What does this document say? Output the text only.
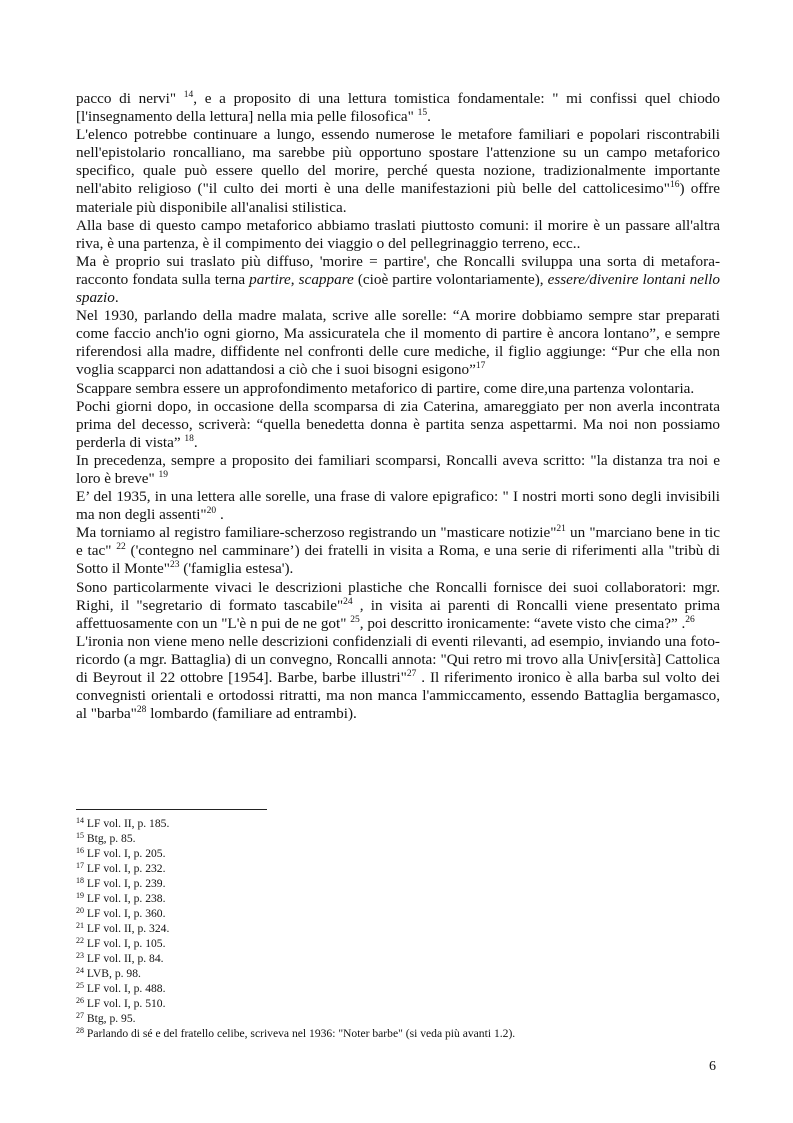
pacco di nervi" $^{14}$, e a proposito di una lettura tomistica fondamentale: " mi confissi quel chiodo [l'insegnamento della lettura] nella mia pelle filosofica" $^{15}$.

L'elenco potrebbe continuare a lungo, essendo numerose le metafore familiari e popolari riscontrabili nell'epistolario roncalliano, ma sarebbe più opportuno spostare l'attenzione su un campo metaforico specifico, quale può essere quello del morire, perché questa nozione, tradizionalmente importante nell'abito religioso ("il culto dei morti è una delle manifestazioni più belle del cattolicesimo"$^{16}$) offre materiale più disponibile all'analisi stilistica.

Alla base di questo campo metaforico abbiamo traslati piuttosto comuni: il morire è un passare all'altra riva, è una partenza, è il compimento dei viaggio o del pellegrinaggio terreno, ecc..

Ma è proprio sui traslato più diffuso, 'morire = partire', che Roncalli sviluppa una sorta di metafora-racconto fondata sulla terna partire, scappare (cioè partire volontariamente), essere/divenire lontani nello spazio.

Nel 1930, parlando della madre malata, scrive alle sorelle: “A morire dobbiamo sempre star preparati come faccio anch'io ogni giorno, Ma assicuratela che il momento di partire è ancora lontano”, e sempre riferendosi alla madre, diffidente nel confronti delle cure mediche, il figlio aggiunge: “Pur che ella non voglia scapparci non adattandosi a ciò che i suoi bisogni esigono”$^{17}$

Scappare sembra essere un approfondimento metaforico di partire, come dire,una partenza volontaria.

Pochi giorni dopo, in occasione della scomparsa di zia Caterina, amareggiato per non averla incontrata prima del decesso, scriverà: “quella benedetta donna è partita senza aspettarmi. Ma noi non possiamo perderla di vista” $^{18}$.

In precedenza, sempre a proposito dei familiari scomparsi, Roncalli aveva scritto: "la distanza tra noi e loro è breve" $^{19}$

E’ del 1935, in una lettera alle sorelle, una frase di valore epigrafico: " I nostri morti sono degli invisibili ma non degli assenti"$^{20}$ .

Ma torniamo al registro familiare-scherzoso registrando un "masticare notizie"$^{21}$ un "marciano bene in tic e tac" $^{22}$ ('contegno nel camminare’) dei fratelli in visita a Roma, e una serie di riferimenti alla "tribù di Sotto il Monte"$^{23}$ ('famiglia estesa').

Sono particolarmente vivaci le descrizioni plastiche che Roncalli fornisce dei suoi collaboratori: mgr. Righi, il "segretario di formato tascabile"$^{24}$ , in visita ai parenti di Roncalli viene presentato prima affettuosamente con un "L'è n pui de ne got" $^{25}$, poi descritto ironicamente: “avete visto che cima?” .$^{26}$

L'ironia non viene meno nelle descrizioni confidenziali di eventi rilevanti, ad esempio, inviando una foto-ricordo (a mgr. Battaglia) di un convegno, Roncalli annota: "Qui retro mi trovo alla Univ[ersità] Cattolica di Beyrout il 22 ottobre [1954]. Barbe, barbe illustri"$^{27}$ . Il riferimento ironico è alla barba sul volto dei convegnisti orientali e ortodossi ritratti, ma non manca l'ammiccamento, essendo Battaglia bergamasco, al "barba"$^{28}$ lombardo (familiare ad entrambi).

$^{14}$ LF vol. II, p. 185.
$^{15}$ Btg, p. 85.
$^{16}$ LF vol. I, p. 205.
$^{17}$ LF vol. I, p. 232.
$^{18}$ LF vol. I, p. 239.
$^{19}$ LF vol. I, p. 238.
$^{20}$ LF vol. I, p. 360.
$^{21}$ LF vol. II, p. 324.
$^{22}$ LF vol. I, p. 105.
$^{23}$ LF vol. II, p. 84.
$^{24}$ LVB, p. 98.
$^{25}$ LF vol. I, p. 488.
$^{26}$ LF vol. I, p. 510.
$^{27}$ Btg, p. 95.
$^{28}$ Parlando di sé e del fratello celibe, scriveva nel 1936: "Noter barbe" (si veda più avanti 1.2).
6
